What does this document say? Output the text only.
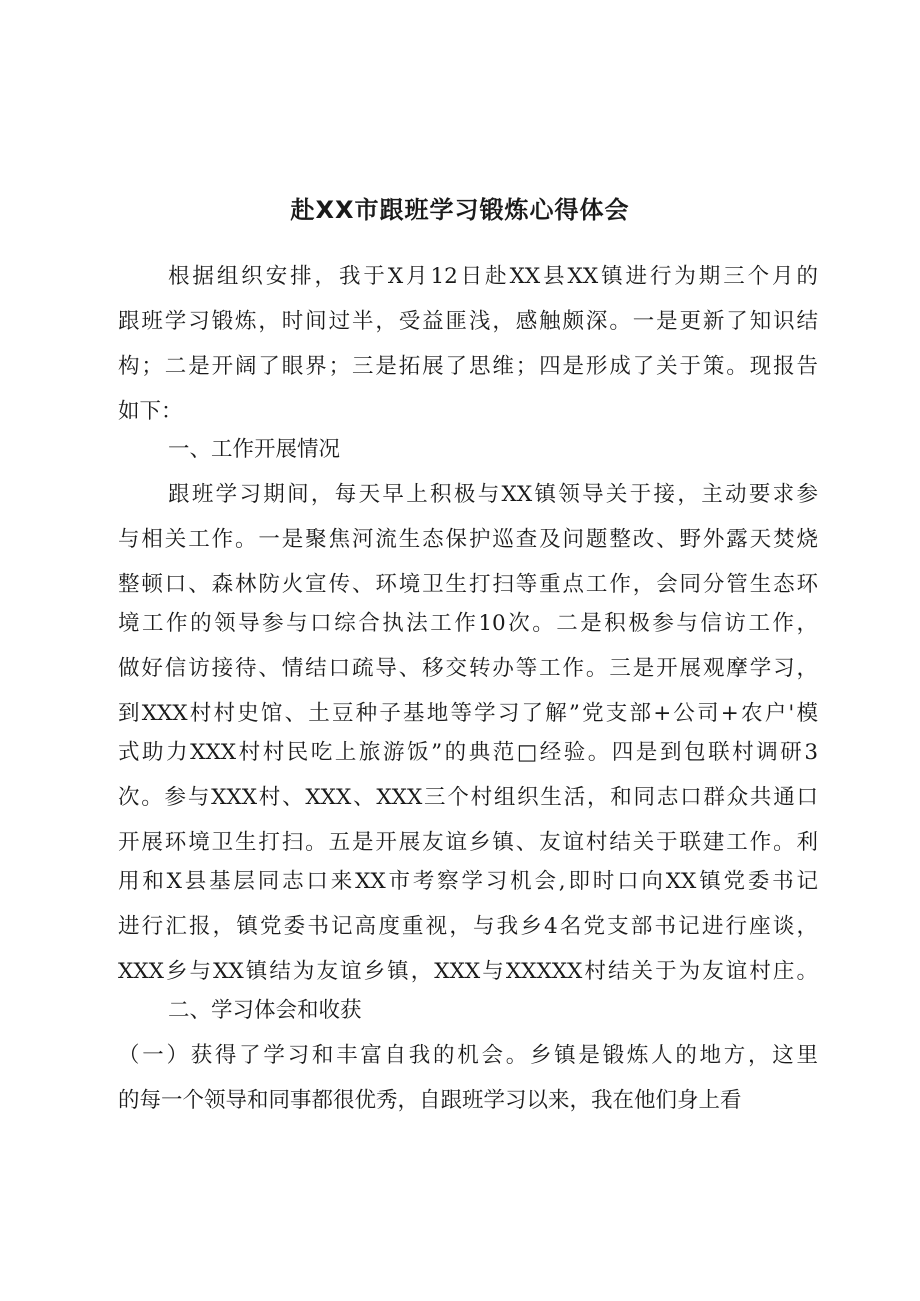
赴XX市跟班学习锻炼心得体会
根据组织安排，我于X月12日赴XX县XX镇进行为期三个月的
跟班学习锻炼，时间过半，受益匪浅，感触颇深。一是更新了知识结
构；二是开阔了眼界；三是拓展了思维；四是形成了关于策。现报告
如下：
一、工作开展情况
跟班学习期间，每天早上积极与XX镇领导关于接，主动要求参
与相关工作。一是聚焦河流生态保护巡查及问题整改、野外露天焚烧
整顿口、森林防火宣传、环境卫生打扫等重点工作，会同分管生态环
境工作的领导参与口综合执法工作10次。二是积极参与信访工作，
做好信访接待、情结口疏导、移交转办等工作。三是开展观摩学习，
到XXX村村史馆、土豆种子基地等学习了解”党支部+公司+农户'模
式助力XXX村村民吃上旅游饭”的典范□经验。四是到包联村调研3
次。参与XXX村、XXX、XXX三个村组织生活，和同志口群众共通口
开展环境卫生打扫。五是开展友谊乡镇、友谊村结关于联建工作。利
用和X县基层同志口来XX市考察学习机会,即时口向XX镇党委书记
进行汇报，镇党委书记高度重视，与我乡4名党支部书记进行座谈，
XXX乡与XX镇结为友谊乡镇，XXX与XXXXX村结关于为友谊村庄。
二、学习体会和收获
（一）获得了学习和丰富自我的机会。乡镇是锻炼人的地方，这里
的每一个领导和同事都很优秀，自跟班学习以来，我在他们身上看
